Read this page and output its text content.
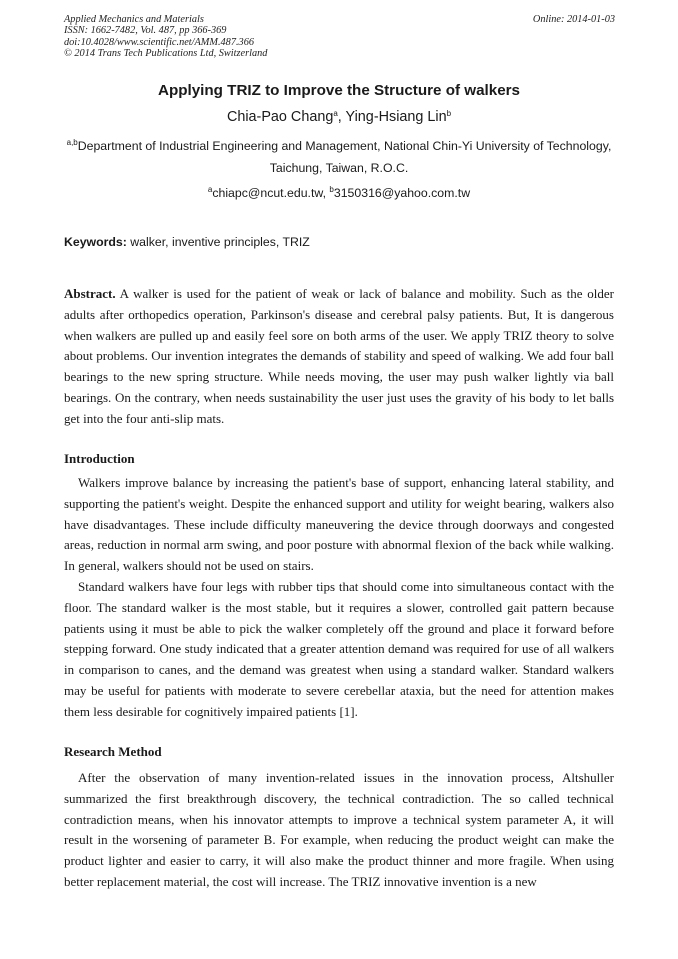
Applied Mechanics and Materials
ISSN: 1662-7482, Vol. 487, pp 366-369
doi:10.4028/www.scientific.net/AMM.487.366
© 2014 Trans Tech Publications Ltd, Switzerland
Online: 2014-01-03
Applying TRIZ to Improve the Structure of walkers
Chia-Pao Chang$^a$, Ying-Hsiang Lin$^b$
$^{a,b}$Department of Industrial Engineering and Management, National Chin-Yi University of Technology, Taichung, Taiwan, R.O.C.
$^a$chiapc@ncut.edu.tw, $^b$3150316@yahoo.com.tw
Keywords: walker, inventive principles, TRIZ
Abstract. A walker is used for the patient of weak or lack of balance and mobility. Such as the older adults after orthopedics operation, Parkinson's disease and cerebral palsy patients. But, It is dangerous when walkers are pulled up and easily feel sore on both arms of the user. We apply TRIZ theory to solve about problems. Our invention integrates the demands of stability and speed of walking. We add four ball bearings to the new spring structure. While needs moving, the user may push walker lightly via ball bearings. On the contrary, when needs sustainability the user just uses the gravity of his body to let balls get into the four anti-slip mats.
Introduction
Walkers improve balance by increasing the patient's base of support, enhancing lateral stability, and supporting the patient's weight. Despite the enhanced support and utility for weight bearing, walkers also have disadvantages. These include difficulty maneuvering the device through doorways and congested areas, reduction in normal arm swing, and poor posture with abnormal flexion of the back while walking. In general, walkers should not be used on stairs.
Standard walkers have four legs with rubber tips that should come into simultaneous contact with the floor. The standard walker is the most stable, but it requires a slower, controlled gait pattern because patients using it must be able to pick the walker completely off the ground and place it forward before stepping forward. One study indicated that a greater attention demand was required for use of all walkers in comparison to canes, and the demand was greatest when using a standard walker. Standard walkers may be useful for patients with moderate to severe cerebellar ataxia, but the need for attention makes them less desirable for cognitively impaired patients [1].
Research Method
After the observation of many invention-related issues in the innovation process, Altshuller summarized the first breakthrough discovery, the technical contradiction. The so called technical contradiction means, when his innovator attempts to improve a technical system parameter A, it will result in the worsening of parameter B. For example, when reducing the product weight can make the product lighter and easier to carry, it will also make the product thinner and more fragile. When using better replacement material, the cost will increase. The TRIZ innovative invention is a new
